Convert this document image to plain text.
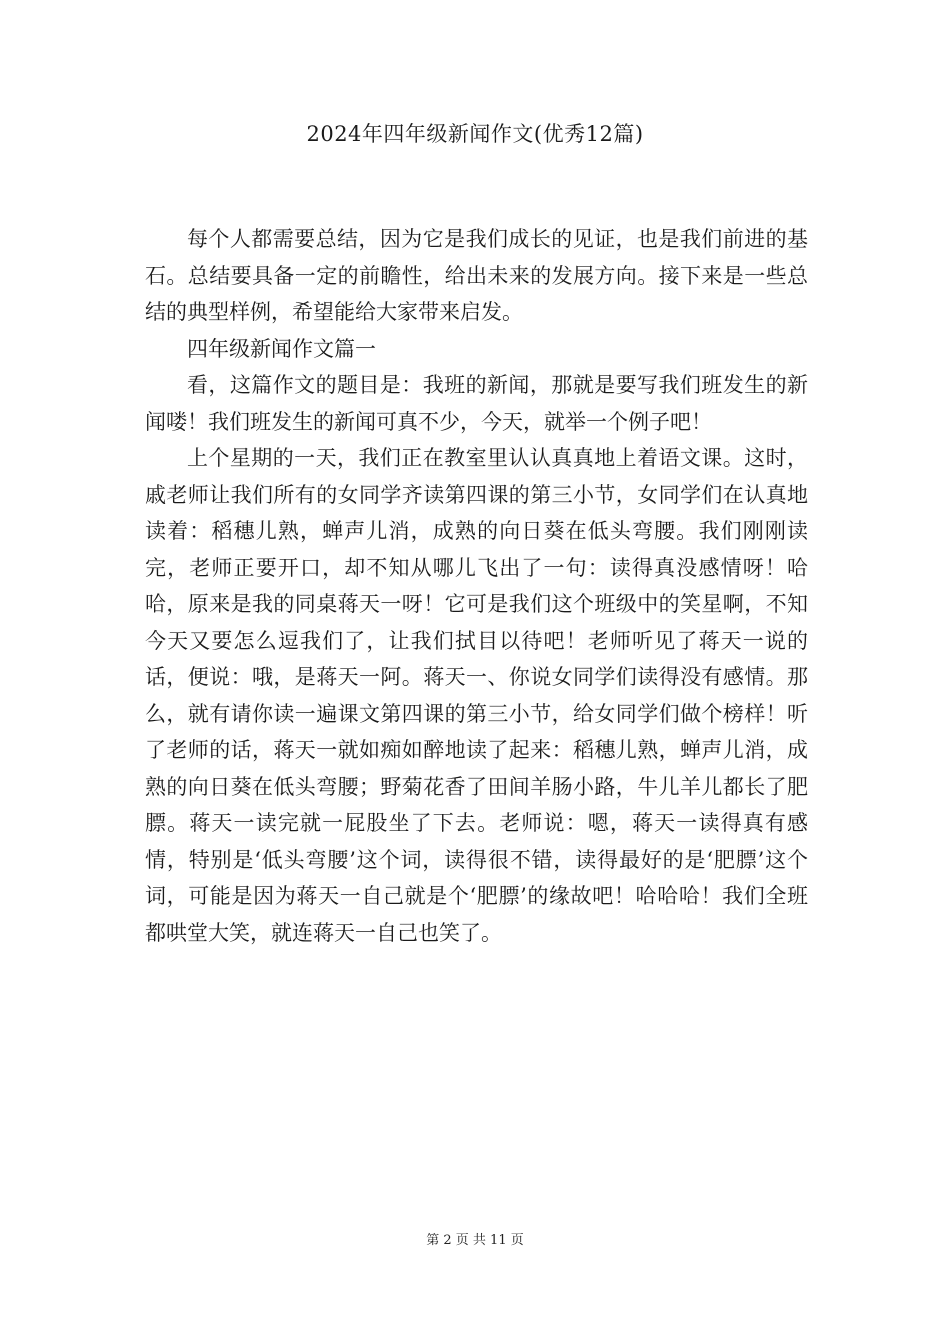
2024年四年级新闻作文(优秀12篇)

每个人都需要总结，因为它是我们成长的见证，也是我们前进的基石。总结要具备一定的前瞻性，给出未来的发展方向。接下来是一些总结的典型样例，希望能给大家带来启发。

四年级新闻作文篇一

看，这篇作文的题目是：我班的新闻，那就是要写我们班发生的新闻喽！我们班发生的新闻可真不少，今天，就举一个例子吧！

上个星期的一天，我们正在教室里认认真真地上着语文课。这时，戚老师让我们所有的女同学齐读第四课的第三小节，女同学们在认真地读着：稻穗儿熟，蝉声儿消，成熟的向日葵在低头弯腰。我们刚刚读完，老师正要开口，却不知从哪儿飞出了一句：读得真没感情呀！哈哈，原来是我的同桌蒋天一呀！它可是我们这个班级中的笑星啊，不知今天又要怎么逗我们了，让我们拭目以待吧！老师听见了蒋天一说的话，便说：哦，是蒋天一阿。蒋天一、你说女同学们读得没有感情。那么，就有请你读一遍课文第四课的第三小节，给女同学们做个榜样！听了老师的话，蒋天一就如痴如醉地读了起来：稻穗儿熟，蝉声儿消，成熟的向日葵在低头弯腰；野菊花香了田间羊肠小路，牛儿羊儿都长了肥膘。蒋天一读完就一屁股坐了下去。老师说：嗯，蒋天一读得真有感情，特别是‘低头弯腰’这个词，读得很不错，读得最好的是‘肥膘’这个词，可能是因为蒋天一自己就是个‘肥膘’的缘故吧！哈哈哈！我们全班都哄堂大笑，就连蒋天一自己也笑了。

第 2 页 共 11 页
